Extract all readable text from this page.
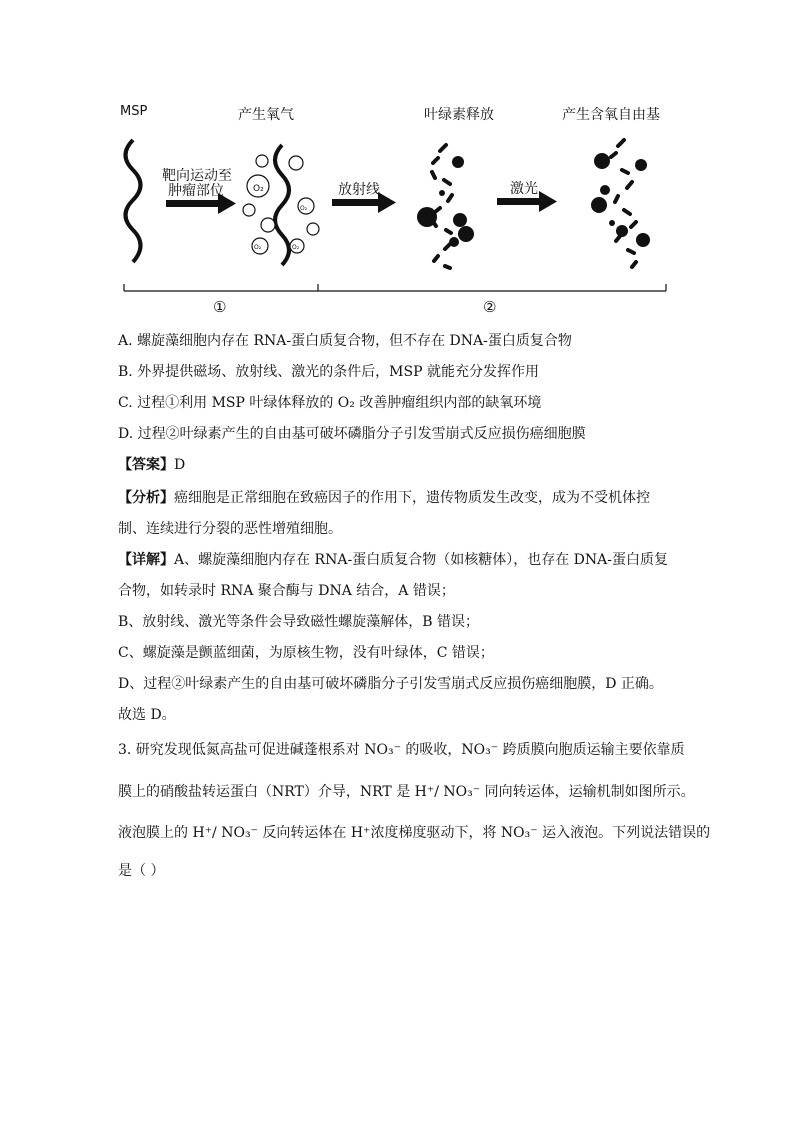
O₂
O₂
O₂	O₂
MSP	产生氧气	叶绿素释放	产生含氧自由基
靶向运动至
肿瘤部位	放射线	激光
①	②
A. 螺旋藻细胞内存在 RNA-蛋白质复合物，但不存在 DNA-蛋白质复合物
B. 外界提供磁场、放射线、激光的条件后，MSP 就能充分发挥作用
C. 过程①利用 MSP 叶绿体释放的 O₂ 改善肿瘤组织内部的缺氧环境
D. 过程②叶绿素产生的自由基可破坏磷脂分子引发雪崩式反应损伤癌细胞膜
【答案】D
【分析】癌细胞是正常细胞在致癌因子的作用下，遗传物质发生改变，成为不受机体控
制、连续进行分裂的恶性增殖细胞。
【详解】A、螺旋藻细胞内存在 RNA-蛋白质复合物（如核糖体），也存在 DNA-蛋白质复
合物，如转录时 RNA 聚合酶与 DNA 结合，A 错误；
B、放射线、激光等条件会导致磁性螺旋藻解体，B 错误；
C、螺旋藻是颤蓝细菌，为原核生物，没有叶绿体，C 错误；
D、过程②叶绿素产生的自由基可破坏磷脂分子引发雪崩式反应损伤癌细胞膜，D 正确。
故选 D。
3. 研究发现低氮高盐可促进碱蓬根系对 NO₃⁻ 的吸收，NO₃⁻ 跨质膜向胞质运输主要依靠质
膜上的硝酸盐转运蛋白（NRT）介导，NRT 是 H⁺/ NO₃⁻ 同向转运体，运输机制如图所示。
液泡膜上的 H⁺/ NO₃⁻ 反向转运体在 H⁺浓度梯度驱动下，将 NO₃⁻ 运入液泡。下列说法错误的
是（ ）
